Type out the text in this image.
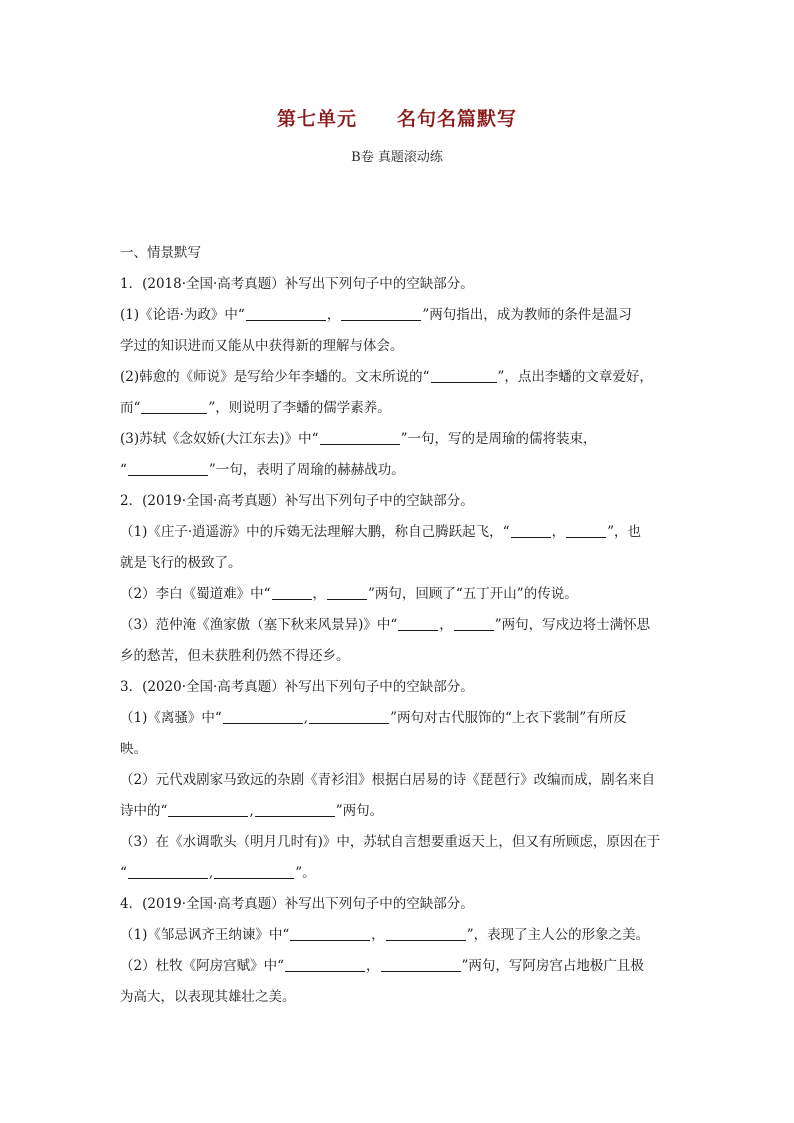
第七单元　　名句名篇默写
B卷 真题滚动练
一、情景默写
1．(2018·全国·高考真题）补写出下列句子中的空缺部分。
(1)《论语·为政》中“	，	”两句指出，成为教师的条件是温习
学过的知识进而又能从中获得新的理解与体会。
(2)韩愈的《师说》是写给少年李蟠的。文末所说的“	”，点出李蟠的文章爱好，
而“	”，则说明了李蟠的儒学素养。
(3)苏轼《念奴娇(大江东去)》中“	”一句，写的是周瑜的儒将装束，
“	”一句，表明了周瑜的赫赫战功。
2．(2019·全国·高考真题）补写出下列句子中的空缺部分。
（1)《庄子·逍遥游》中的斥鴳无法理解大鹏，称自己腾跃起飞，“	，	”，也
就是飞行的极致了。
（2）李白《蜀道难》中“	，	”两句，回顾了“五丁开山”的传说。
（3）范仲淹《渔家傲（塞下秋来风景异)》中“	，	”两句，写戍边将士满怀思
乡的愁苦，但未获胜利仍然不得还乡。
3．(2020·全国·高考真题）补写出下列句子中的空缺部分。
（1)《离骚》中“	,	”两句对古代服饰的“上衣下裳制”有所反
映。
（2）元代戏剧家马致远的杂剧《青衫泪》根据白居易的诗《琵琶行》改编而成，剧名来自
诗中的“	,	”两句。
（3）在《水调歌头（明月几时有)》中，苏轼自言想要重返天上，但又有所顾虑，原因在于
“	,	”。
4．(2019·全国·高考真题）补写出下列句子中的空缺部分。
（1)《邹忌讽齐王纳谏》中“	，	”，表现了主人公的形象之美。
（2）杜牧《阿房宫赋》中“	，	”两句，写阿房宫占地极广且极
为高大，以表现其雄壮之美。
